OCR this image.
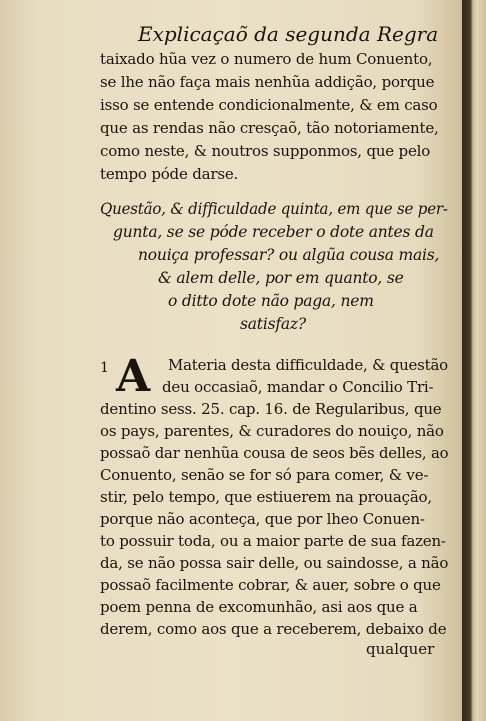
Explicaçaõ da segunda Regra
taixado hũa vez o numero de hum Conuento,
se lhe não faça mais nenhũa addição, porque
isso se entende condicionalmente, & em caso
que as rendas não cresçaõ, tão notoriamente,
como neste, & noutros supponmos, que pelo
tempo póde darse.
Questão, & difficuldade quinta, em que se per-
gunta, se se póde receber o dote antes da
nouiça professar? ou algũa cousa mais,
& alem delle, por em quanto, se
o ditto dote não paga, nem
satisfaz?
1 A Materia desta difficuldade, & questão
deu occasiaõ, mandar o Concilio Tri-
dentino sess. 25. cap. 16. de Regularibus, que
os pays, parentes, & curadores do nouiço, não
possaõ dar nenhũa cousa de seos bẽs delles, ao
Conuento, senão se for só para comer, & ve-
stir, pelo tempo, que estiuerem na prouação,
porque não aconteça, que por lheo Conuen-
to possuir toda, ou a maior parte de sua fazen-
da, se não possa sair delle, ou saindosse, a não
possaõ facilmente cobrar, & auer, sobre o que
poem penna de excomunhão, asi aos que a
derem, como aos que a receberem, debaixo de
qualquer
